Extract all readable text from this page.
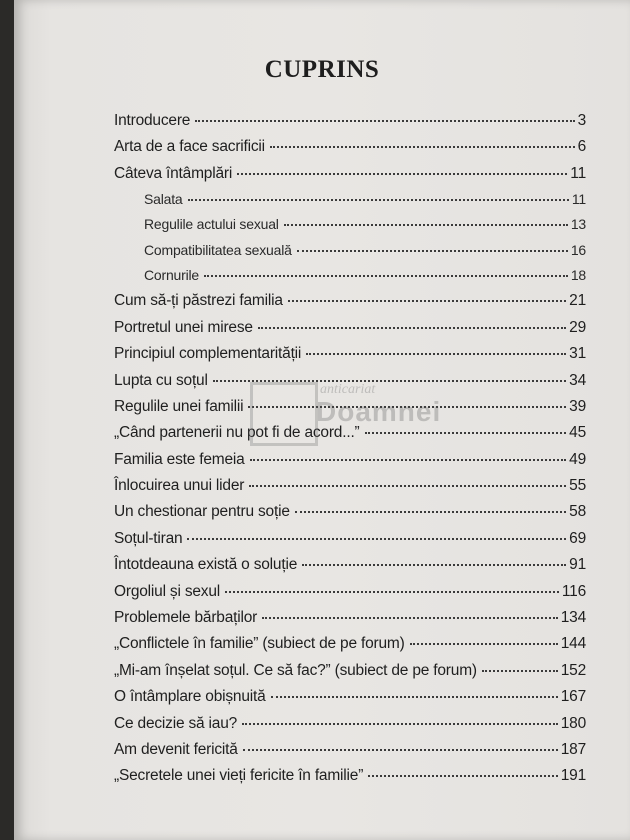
CUPRINS
Introducere	3
Arta de a face sacrificii	6
Câteva întâmplări	11
Salata	11
Regulile actului sexual	13
Compatibilitatea sexuală	16
Cornurile	18
Cum să-ți păstrezi familia	21
Portretul unei mirese	29
Principiul complementarității	31
Lupta cu soțul	34
Regulile unei familii	39
„Când partenerii nu pot fi de acord...”	45
Familia este femeia	49
Înlocuirea unui lider	55
Un chestionar pentru soție	58
Soțul-tiran	69
Întotdeauna există o soluție	91
Orgoliul și sexul	116
Problemele bărbaților	134
„Conflictele în familie” (subiect de pe forum)	144
„Mi-am înșelat soțul. Ce să fac?” (subiect de pe forum)	152
O întâmplare obișnuită	167
Ce decizie să iau?	180
Am devenit fericită	187
„Secretele unei vieți fericite în familie”	191
anticariat
Doamnei
